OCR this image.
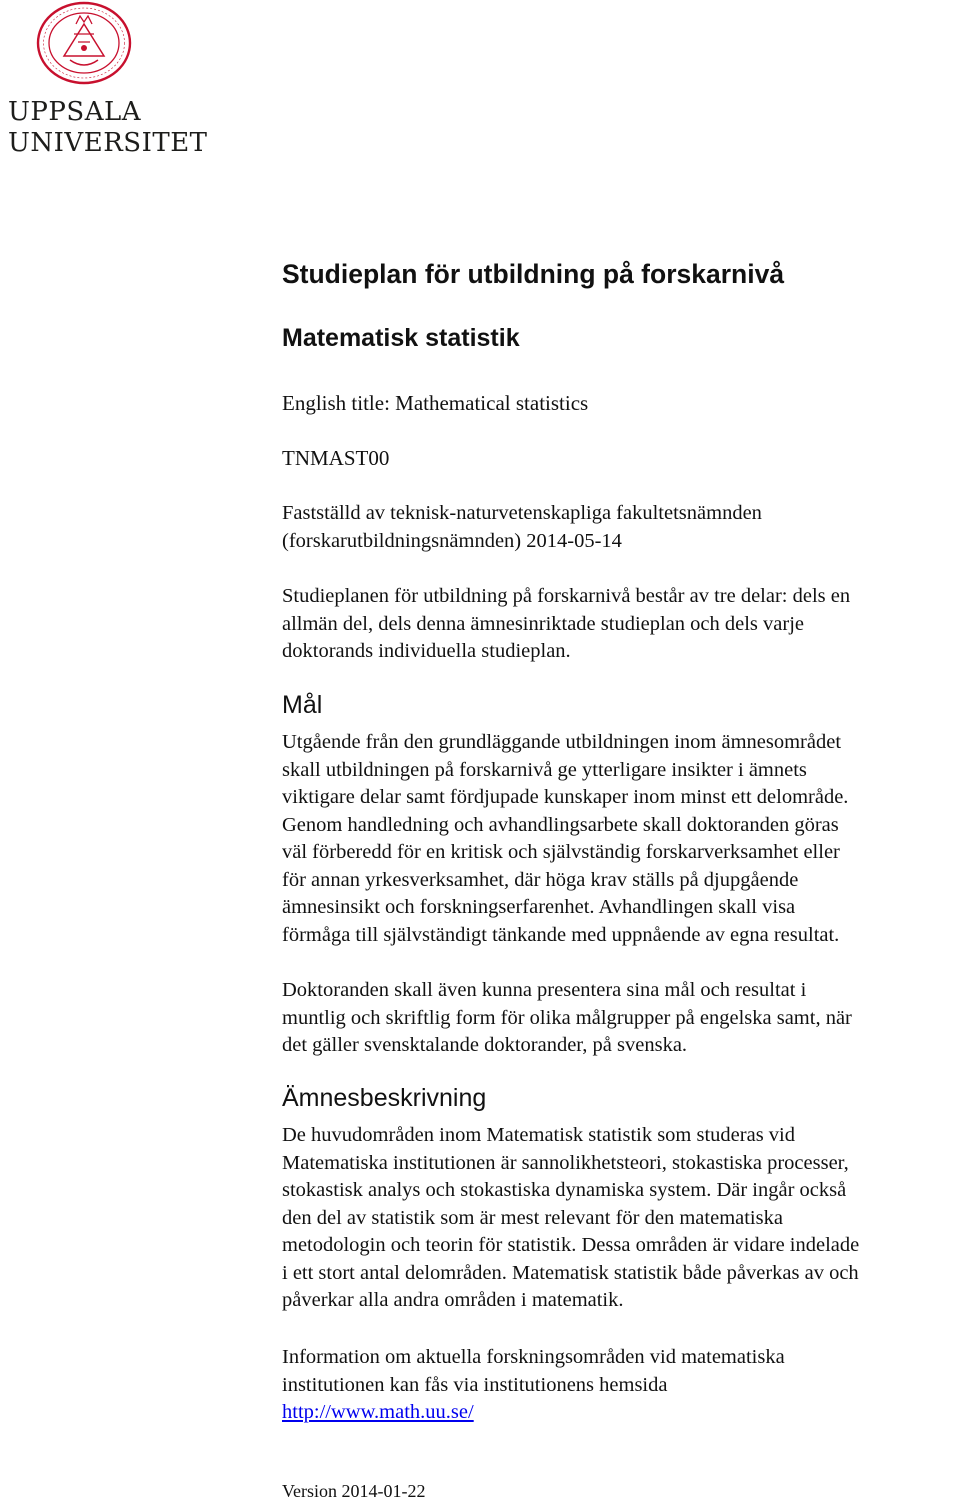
UPPSALA
UNIVERSITET
Studieplan för utbildning på forskarnivå
Matematisk statistik

English title: Mathematical statistics

TNMAST00

Fastställd av teknisk-naturvetenskapliga fakultetsnämnden
(forskarutbildningsnämnden) 2014-05-14

Studieplanen för utbildning på forskarnivå består av tre delar: dels en
allmän del, dels denna ämnesinriktade studieplan och dels varje
doktorands individuella studieplan.

Mål

Utgående från den grundläggande utbildningen inom ämnesområdet
skall utbildningen på forskarnivå ge ytterligare insikter i ämnets
viktigare delar samt fördjupade kunskaper inom minst ett delområde.
Genom handledning och avhandlingsarbete skall doktoranden göras
väl förberedd för en kritisk och självständig forskarverksamhet eller
för annan yrkesverksamhet, där höga krav ställs på djupgående
ämnesinsikt och forskningserfarenhet. Avhandlingen skall visa
förmåga till självständigt tänkande med uppnående av egna resultat.

Doktoranden skall även kunna presentera sina mål och resultat i
muntlig och skriftlig form för olika målgrupper på engelska samt, när
det gäller svensktalande doktorander, på svenska.

Ämnesbeskrivning

De huvudområden inom Matematisk statistik som studeras vid
Matematiska institutionen är sannolikhetsteori, stokastiska processer,
stokastisk analys och stokastiska dynamiska system. Där ingår också
den del av statistik som är mest relevant för den matematiska
metodologin och teorin för statistik. Dessa områden är vidare indelade
i ett stort antal delområden. Matematisk statistik både påverkas av och
påverkar alla andra områden i matematik.

Information om aktuella forskningsområden vid matematiska
institutionen kan fås via institutionens hemsida
http://www.math.uu.se/

Version 2014-01-22
